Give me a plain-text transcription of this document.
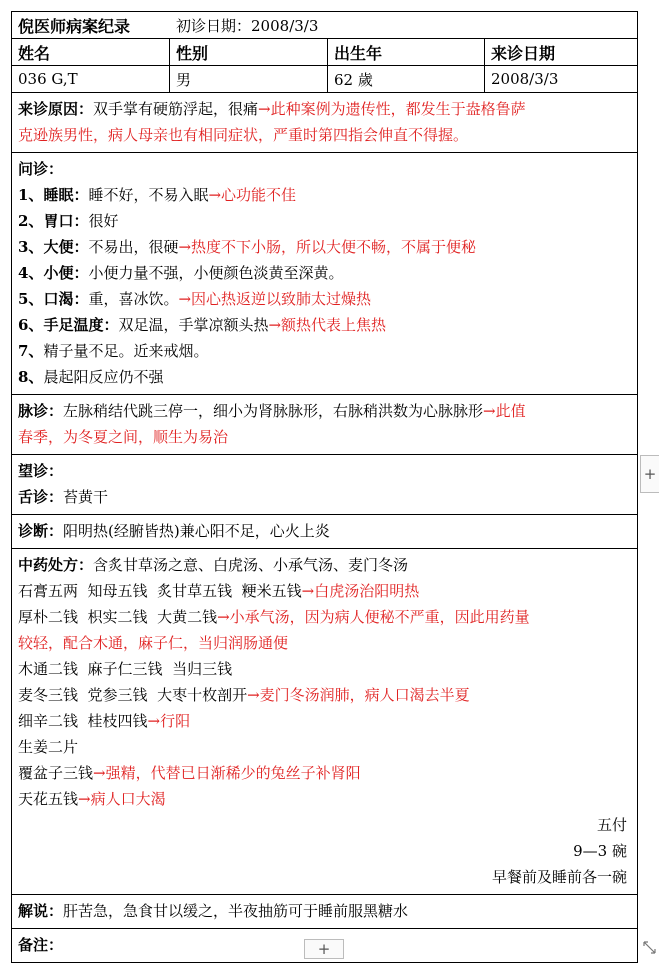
倪医师病案纪录	初诊日期：2008/3/3
姓名	性别	出生年	来诊日期
036 G,T	男	62 歲	2008/3/3
来诊原因：双手掌有硬筋浮起，很痛→此种案例为遗传性，都发生于盎格鲁萨
克逊族男性，病人母亲也有相同症状，严重时第四指会伸直不得握。
问诊：
1、睡眠：睡不好，不易入眠→心功能不佳
2、胃口：很好
3、大便：不易出，很硬→热度不下小肠，所以大便不畅，不属于便秘
4、小便：小便力量不强，小便颜色淡黄至深黄。
5、口渴：重，喜冰饮。→因心热返逆以致肺太过燥热
6、手足温度：双足温，手掌凉额头热→额热代表上焦热
7、精子量不足。近来戒烟。
8、晨起阳反应仍不强
脉诊：左脉稍结代跳三停一，细小为肾脉脉形，右脉稍洪数为心脉脉形→此值
春季，为冬夏之间，顺生为易治
望诊：
舌诊：苔黄干
诊断：阳明热(经腑皆热)兼心阳不足，心火上炎
中药处方：含炙甘草汤之意、白虎汤、小承气汤、麦门冬汤
石膏五两  知母五钱  炙甘草五钱  粳米五钱→白虎汤治阳明热
厚朴二钱  枳实二钱  大黄二钱→小承气汤，因为病人便秘不严重，因此用药量
较轻，配合木通，麻子仁，当归润肠通便
木通二钱  麻子仁三钱  当归三钱
麦冬三钱  党参三钱  大枣十枚剖开→麦门冬汤润肺，病人口渴去半夏
细辛二钱  桂枝四钱→行阳
生姜二片
覆盆子三钱→强精，代替已日渐稀少的兔丝子补肾阳
天花五钱→病人口大渴
五付
9—3 碗
早餐前及睡前各一碗
解说：肝苦急，急食甘以缓之，半夜抽筋可于睡前服黑糖水
备注：
+
+
